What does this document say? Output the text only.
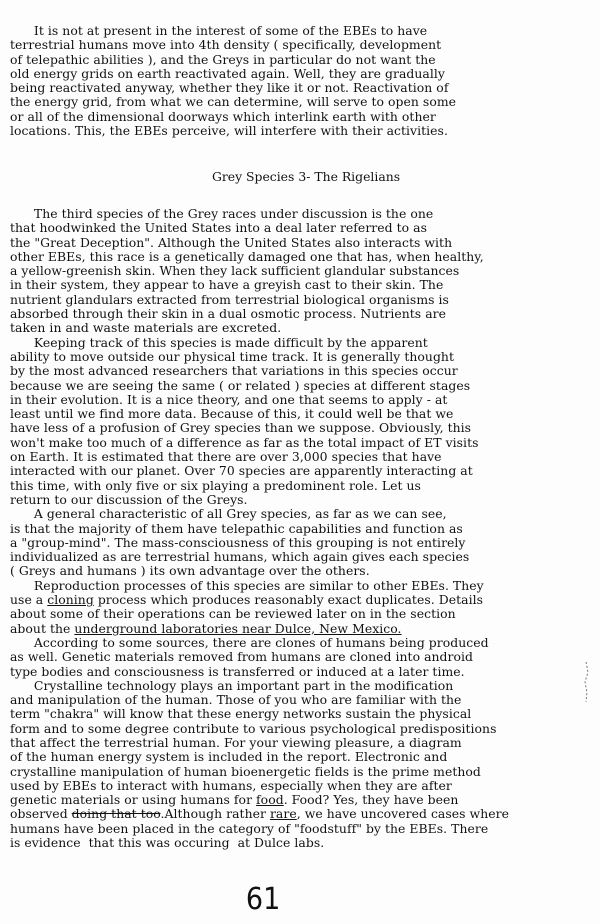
It is not at present in the interest of some of the EBEs to have
terrestrial humans move into 4th density ( specifically, development
of telepathic abilities ), and the Greys in particular do not want the
old energy grids on earth reactivated again. Well, they are gradually
being reactivated anyway, whether they like it or not. Reactivation of
the energy grid, from what we can determine, will serve to open some
or all of the dimensional doorways which interlink earth with other
locations. This, the EBEs perceive, will interfere with their activities.
Grey Species 3- The Rigelians
The third species of the Grey races under discussion is the one
that hoodwinked the United States into a deal later referred to as
the "Great Deception". Although the United States also interacts with
other EBEs, this race is a genetically damaged one that has, when healthy,
a yellow-greenish skin. When they lack sufficient glandular substances
in their system, they appear to have a greyish cast to their skin. The
nutrient glandulars extracted from terrestrial biological organisms is
absorbed through their skin in a dual osmotic process. Nutrients are
taken in and waste materials are excreted.
Keeping track of this species is made difficult by the apparent
ability to move outside our physical time track. It is generally thought
by the most advanced researchers that variations in this species occur
because we are seeing the same ( or related ) species at different stages
in their evolution. It is a nice theory, and one that seems to apply - at
least until we find more data. Because of this, it could well be that we
have less of a profusion of Grey species than we suppose. Obviously, this
won't make too much of a difference as far as the total impact of ET visits
on Earth. It is estimated that there are over 3,000 species that have
interacted with our planet. Over 70 species are apparently interacting at
this time, with only five or six playing a predominent role. Let us
return to our discussion of the Greys.
A general characteristic of all Grey species, as far as we can see,
is that the majority of them have telepathic capabilities and function as
a "group-mind". The mass-consciousness of this grouping is not entirely
individualized as are terrestrial humans, which again gives each species
( Greys and humans ) its own advantage over the others.
Reproduction processes of this species are similar to other EBEs. They
use a cloning process which produces reasonably exact duplicates. Details
about some of their operations can be reviewed later on in the section
about the underground laboratories near Dulce, New Mexico.
According to some sources, there are clones of humans being produced
as well. Genetic materials removed from humans are cloned into android
type bodies and consciousness is transferred or induced at a later time.
Crystalline technology plays an important part in the modification
and manipulation of the human. Those of you who are familiar with the
term "chakra" will know that these energy networks sustain the physical
form and to some degree contribute to various psychological predispositions
that affect the terrestrial human. For your viewing pleasure, a diagram
of the human energy system is included in the report. Electronic and
crystalline manipulation of human bioenergetic fields is the prime method
used by EBEs to interact with humans, especially when they are after
genetic materials or using humans for food. Food? Yes, they have been
observed doing that too.Although rather rare, we have uncovered cases where
humans have been placed in the category of "foodstuff" by the EBEs. There
is evidence  that this was occuring  at Dulce labs.
61
